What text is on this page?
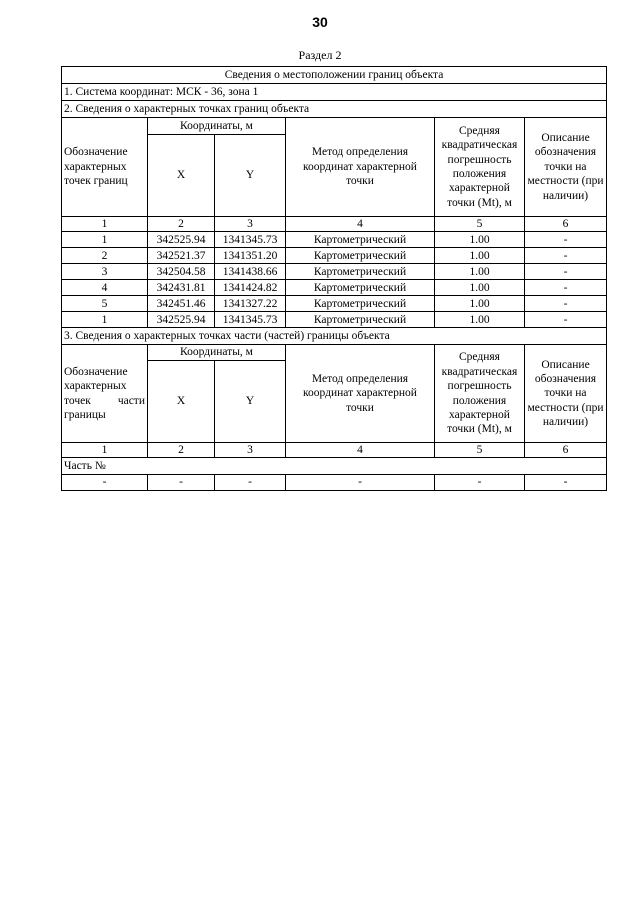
30
Раздел 2
Сведения о местоположении границ объекта					
1. Система координат: МСК - 36, зона 1					
2. Сведения о характерных точках границ объекта					
Обозначение характерных точек границ	Координаты, м		Метод определения координат характерной точки	Средняя квадратическая погрешность положения характерной точки (Mt), м	Описание обозначения точки на местности (при наличии)
	X	Y			
1	2	3	4	5	6
1	342525.94	1341345.73	Картометрический	1.00	-
2	342521.37	1341351.20	Картометрический	1.00	-
3	342504.58	1341438.66	Картометрический	1.00	-
4	342431.81	1341424.82	Картометрический	1.00	-
5	342451.46	1341327.22	Картометрический	1.00	-
1	342525.94	1341345.73	Картометрический	1.00	-
3. Сведения о характерных точках части (частей) границы объекта					
Обозначение характерных точек части границы	Координаты, м		Метод определения координат характерной точки	Средняя квадратическая погрешность положения характерной точки (Mt), м	Описание обозначения точки на местности (при наличии)
	X	Y			
1	2	3	4	5	6
Часть №					
-	-	-	-	-	-
